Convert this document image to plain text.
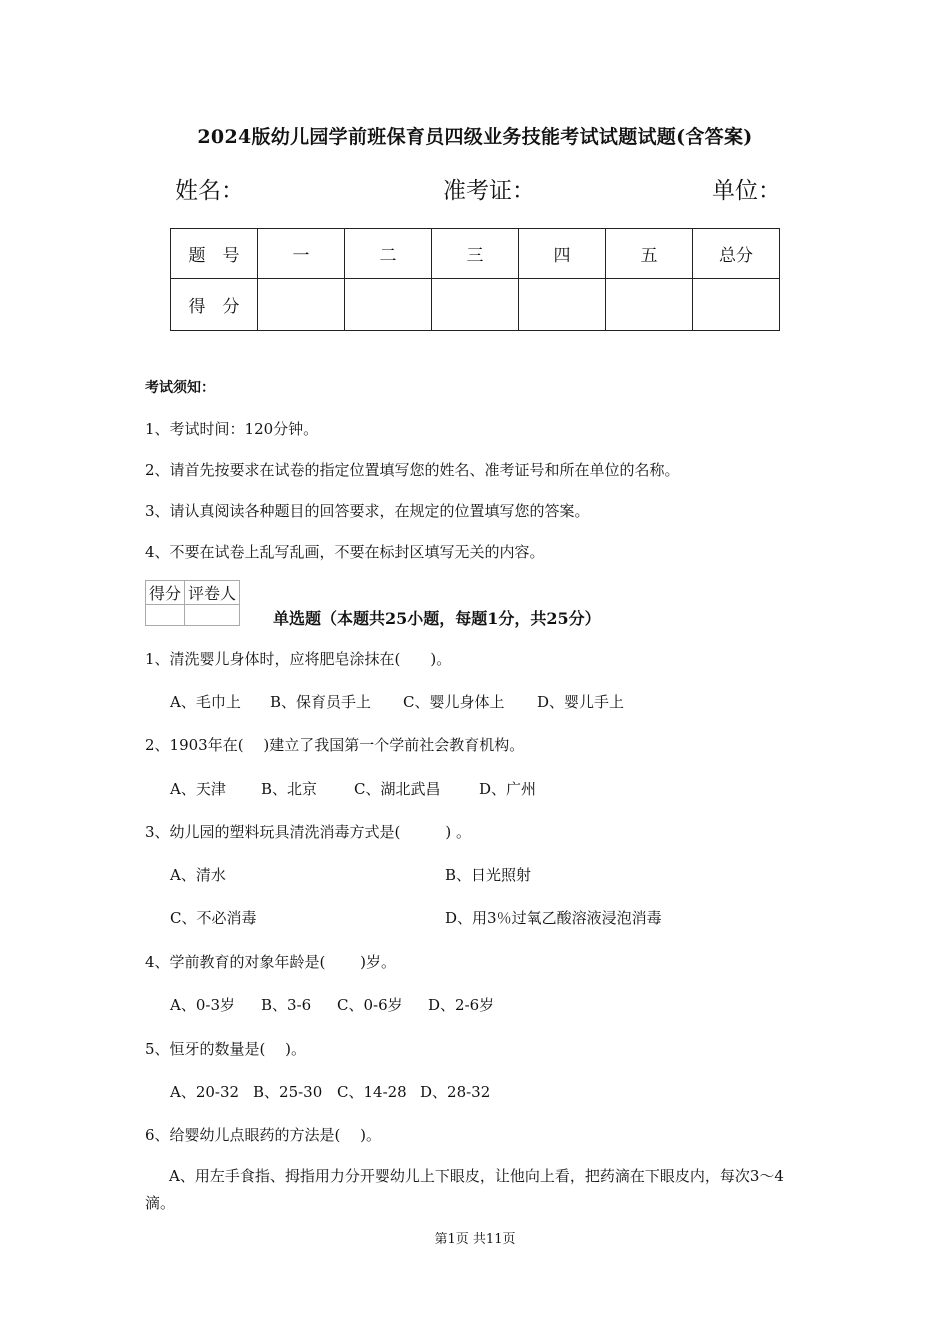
2024版幼儿园学前班保育员四级业务技能考试试题试题(含答案)
姓名：	准考证：	单位：
题　号	一	二	三	四	五	总分
得　分						
考试须知：
1、考试时间：120分钟。
2、请首先按要求在试卷的指定位置填写您的姓名、准考证号和所在单位的名称。
3、请认真阅读各种题目的回答要求，在规定的位置填写您的答案。
4、不要在试卷上乱写乱画，不要在标封区填写无关的内容。
得分	评卷人

单选题（本题共25小题，每题1分，共25分）
1、清洗婴儿身体时，应将肥皂涂抹在(　　)。
A、毛巾上 B、保育员手上 C、婴儿身体上 D、婴儿手上
2、1903年在(　 )建立了我国第一个学前社会教育机构。
A、天津 B、北京 C、湖北武昌	D、广州
3、幼儿园的塑料玩具清洗消毒方式是(　　　) 。
A、清水	B、日光照射
C、不必消毒	D、用3％过氧乙酸溶液浸泡消毒
4、学前教育的对象年龄是(　　 )岁。
A、0-3岁 B、3-6 C、0-6岁 D、2-6岁
5、恒牙的数量是(　 )。
A、20-32 B、25-30 C、14-28 D、28-32
6、给婴幼儿点眼药的方法是(　 )。
A、用左手食指、拇指用力分开婴幼儿上下眼皮，让他向上看，把药滴在下眼皮内，每次3～4滴。
第1页 共11页
